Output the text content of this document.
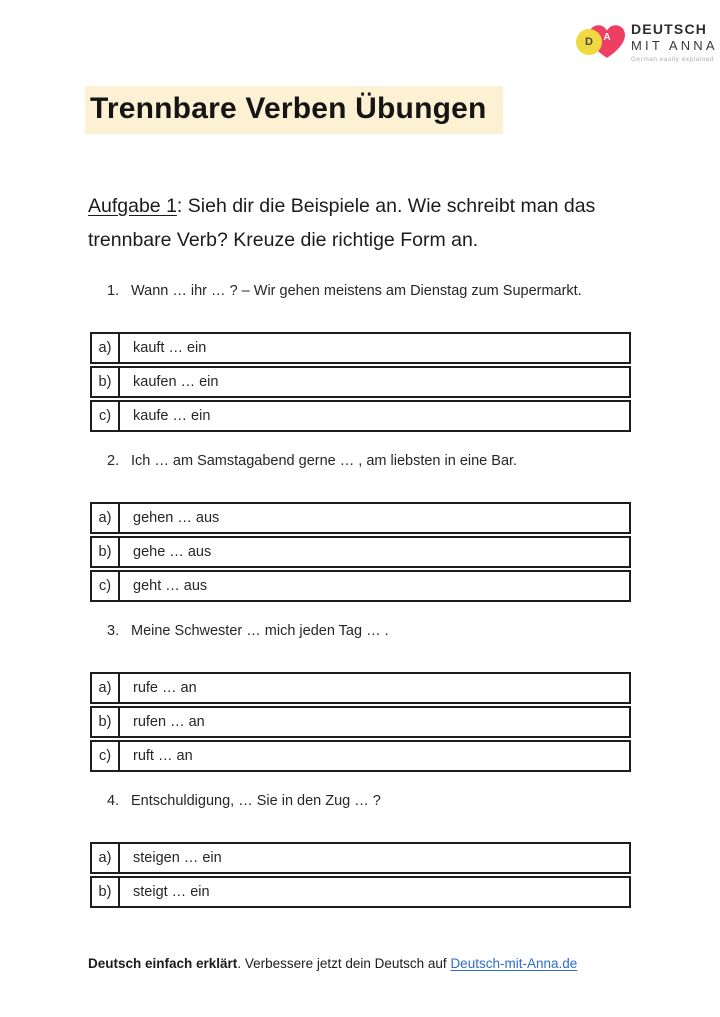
A
D
DEUTSCH
MIT ANNA
German easily explained
Trennbare Verben Übungen

Aufgabe 1: Sieh dir die Beispiele an. Wie schreibt man das trennbare Verb? Kreuze die richtige Form an.

1. Wann … ihr … ? – Wir gehen meistens am Dienstag zum Supermarkt.
a)	kauft … ein
b)	kaufen … ein
c)	kaufe … ein
2. Ich … am Samstagabend gerne … , am liebsten in eine Bar.
a)	gehen … aus
b)	gehe … aus
c)	geht … aus
3. Meine Schwester … mich jeden Tag … .
a)	rufe … an
b)	rufen … an
c)	ruft … an
4. Entschuldigung, … Sie in den Zug … ?
a)	steigen … ein
b)	steigt … ein
Deutsch einfach erklärt. Verbessere jetzt dein Deutsch auf Deutsch-mit-Anna.de
